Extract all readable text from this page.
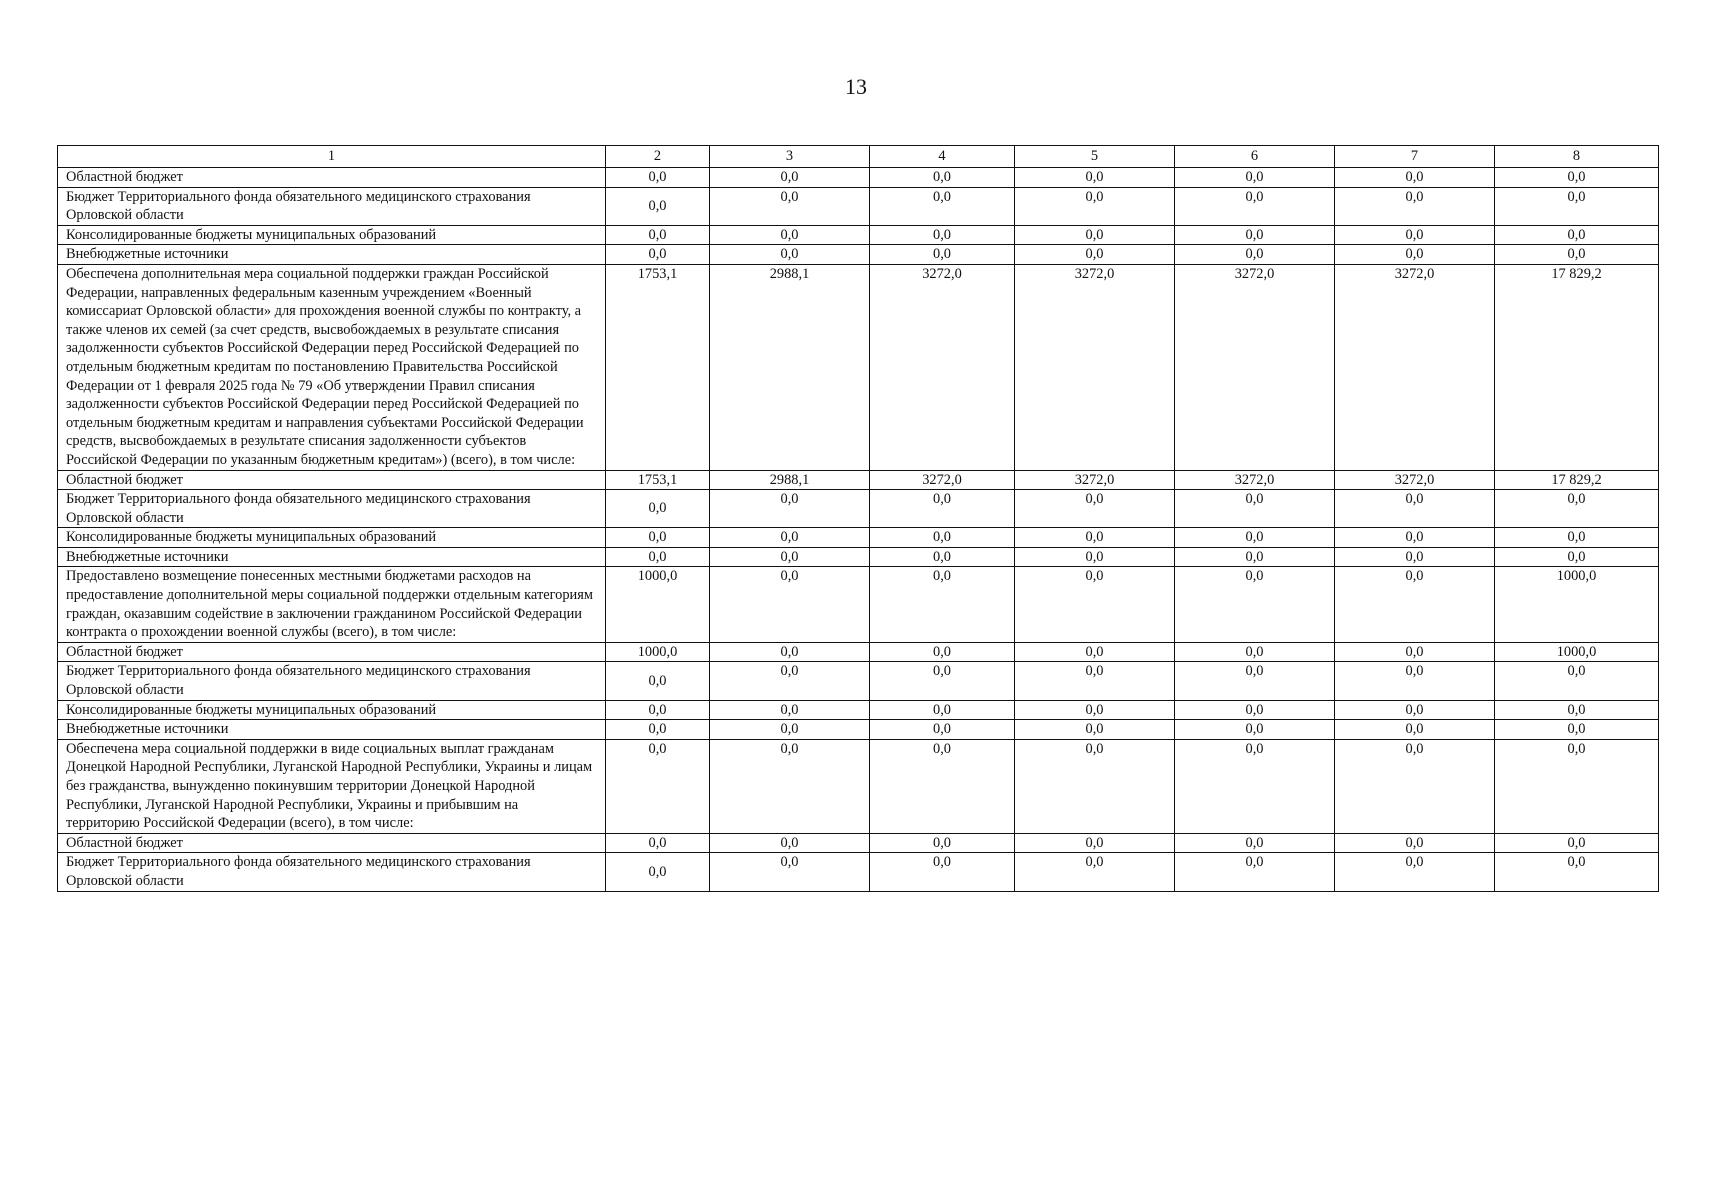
13
1	2	3	4	5	6	7	8
Областной бюджет	0,0	0,0	0,0	0,0	0,0	0,0	0,0
Бюджет Территориального фонда обязательного медицинского страхования Орловской области	0,0	0,0	0,0	0,0	0,0	0,0	0,0
Консолидированные бюджеты муниципальных образований	0,0	0,0	0,0	0,0	0,0	0,0	0,0
Внебюджетные источники	0,0	0,0	0,0	0,0	0,0	0,0	0,0
Обеспечена дополнительная мера социальной поддержки граждан Российской Федерации, направленных федеральным казенным учреждением «Военный комиссариат Орловской области» для прохождения военной службы по контракту, а также членов их семей (за счет средств, высвобождаемых в результате списания задолженности субъектов Российской Федерации перед Российской Федерацией по отдельным бюджетным кредитам по постановлению Правительства Российской Федерации от 1 февраля 2025 года № 79 «Об утверждении Правил списания задолженности субъектов Российской Федерации перед Российской Федерацией по отдельным бюджетным кредитам и направления субъектами Российской Федерации средств, высвобождаемых в результате списания задолженности субъектов Российской Федерации по указанным бюджетным кредитам») (всего), в том числе:	1753,1	2988,1	3272,0	3272,0	3272,0	3272,0	17 829,2
Областной бюджет	1753,1	2988,1	3272,0	3272,0	3272,0	3272,0	17 829,2
Бюджет Территориального фонда обязательного медицинского страхования Орловской области	0,0	0,0	0,0	0,0	0,0	0,0	0,0
Консолидированные бюджеты муниципальных образований	0,0	0,0	0,0	0,0	0,0	0,0	0,0
Внебюджетные источники	0,0	0,0	0,0	0,0	0,0	0,0	0,0
Предоставлено возмещение понесенных местными бюджетами расходов на предоставление дополнительной меры социальной поддержки отдельным категориям граждан, оказавшим содействие в заключении гражданином Российской Федерации контракта о прохождении военной службы (всего), в том числе:	1000,0	0,0	0,0	0,0	0,0	0,0	1000,0
Областной бюджет	1000,0	0,0	0,0	0,0	0,0	0,0	1000,0
Бюджет Территориального фонда обязательного медицинского страхования Орловской области	0,0	0,0	0,0	0,0	0,0	0,0	0,0
Консолидированные бюджеты муниципальных образований	0,0	0,0	0,0	0,0	0,0	0,0	0,0
Внебюджетные источники	0,0	0,0	0,0	0,0	0,0	0,0	0,0
Обеспечена мера социальной поддержки в виде социальных выплат гражданам Донецкой Народной Республики, Луганской Народной Республики, Украины и лицам без гражданства, вынужденно покинувшим территории Донецкой Народной Республики, Луганской Народной Республики, Украины и прибывшим на территорию Российской Федерации (всего), в том числе:	0,0	0,0	0,0	0,0	0,0	0,0	0,0
Областной бюджет	0,0	0,0	0,0	0,0	0,0	0,0	0,0
Бюджет Территориального фонда обязательного медицинского страхования Орловской области	0,0	0,0	0,0	0,0	0,0	0,0	0,0
